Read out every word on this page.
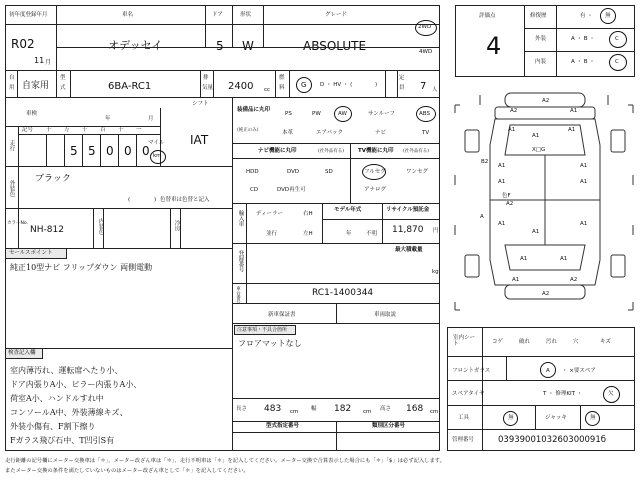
初年度登録年月	車名	ドア	形状	グレード
R02
11 月
オデッセイ	5 W	ABSOLUTE
2WD
4WD
自
用 自家用
型
式	6BA-RC1
排
気量 2400 cc
燃
料 G D ・ HV ・ (	)
定
員 7 人
車検
年	月
シフト
IAT
走行
記号 十 万 千 百 十 一
5 5 0 0 0
マイル
km
外装色
ブラック
(	) 色替車は色替と記入
カラーNo.
NH-812	内装色	冷房
セールスポイント
純正10型ナビ フリップダウン 両側電動
検査記入欄
室内薄汚れ、運転席へたり小、
ドア内張りA小、ピラー内張りA小、
荷室A小、ハンドルすれ中
コンソールA中、外装薄線キズ、
外装小傷有、F割下擦り
Fガラス飛び石中、T凹引S有
装備品に丸印
(純正のみ)
PS	PW	AW	サンルーフ	ABS
本革	エアバック	ナビ	TV
ナビ機能に丸印	(社外品有る)	TV機能に丸印 (社外品有る)
HDD	DVD	SD
CD	DVD再生可
フルセグ	ワンセグ
アナログ
輸入車 ディーラー
並行
右H
左H
モデル年式
年	不明
リサイクル預託金
11,870 円
最大積載量
kg
登録番号
車台番号	RC1-1400344
新車保証書	車両取説
注意事項・不具合箇所
フロアマットなし
長さ 483 cm 幅 182 cm 高さ 168 cm
型式指定番号	類別区分番号
評価点
4
修復歴	有 ・ 無
外装	A ・ B ・	C
内装	A ・ B ・	C
A2
A2	A1
A1	A1
A1
X□G
B2
A1	A1
A1	A1
色F
A2
A1	A1
A1
A1	A1
A1	A2
A2
A
室内シート	コゲ	破れ	汚れ	穴	キズ
フロントガラス	A ・ ×要スペア
スペアタイヤ	T ・ 修理KIT ・	欠
工具	無	ジャッキ	無
管理番号	0393900103260300091б
走行距離の記号欄にメーター交換車は「＊」、メーター改ざん車は「＊」、走行不明車は「＊」を記入してください。メーター交換で合算表示した場合にも「＊」「$」は必ず記入します。
またメーター交換の条件を満たしていないものはメーター改ざん車として「＊」を記入してください。
